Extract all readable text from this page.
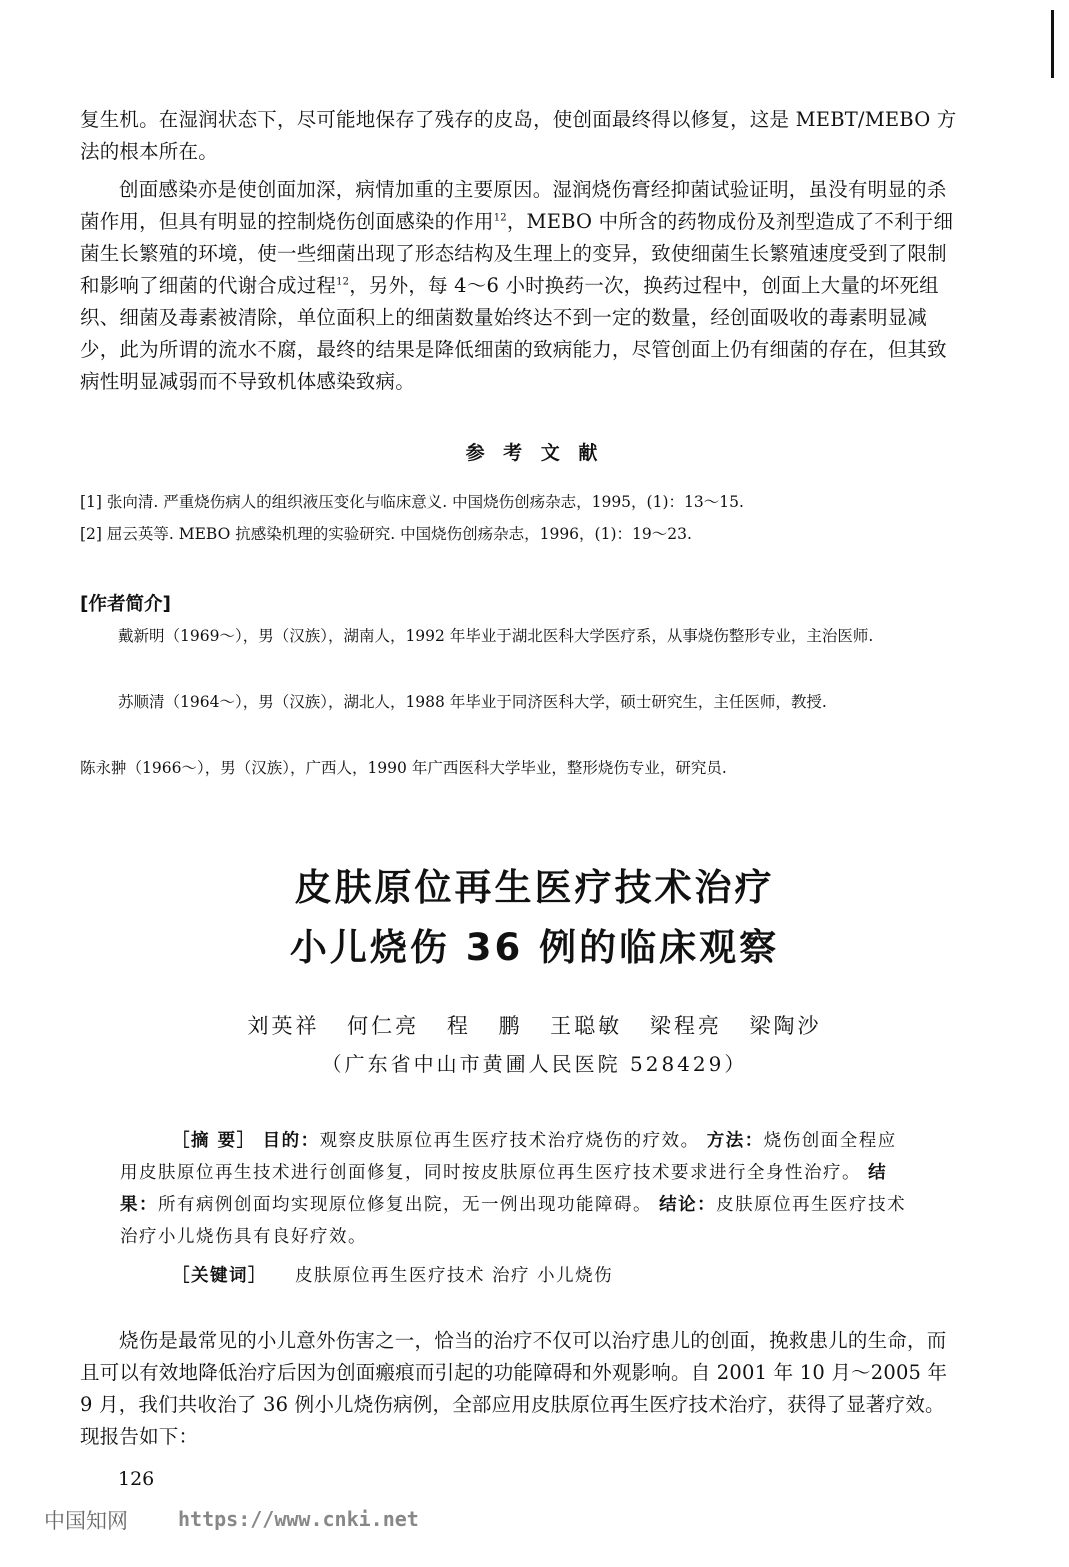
复生机。在湿润状态下，尽可能地保存了残存的皮岛，使创面最终得以修复，这是 MEBT/MEBO 方法的根本所在。

创面感染亦是使创面加深，病情加重的主要原因。湿润烧伤膏经抑菌试验证明，虽没有明显的杀菌作用，但具有明显的控制烧伤创面感染的作用$^{12}$，MEBO 中所含的药物成份及剂型造成了不利于细菌生长繁殖的环境，使一些细菌出现了形态结构及生理上的变异，致使细菌生长繁殖速度受到了限制和影响了细菌的代谢合成过程$^{12}$，另外，每 4～6 小时换药一次，换药过程中，创面上大量的坏死组织、细菌及毒素被清除，单位面积上的细菌数量始终达不到一定的数量，经创面吸收的毒素明显减少，此为所谓的流水不腐，最终的结果是降低细菌的致病能力，尽管创面上仍有细菌的存在，但其致病性明显减弱而不导致机体感染致病。

参 考 文 献
[1] 张向清. 严重烧伤病人的组织液压变化与临床意义. 中国烧伤创疡杂志，1995，(1)：13～15.
[2] 屈云英等. MEBO 抗感染机理的实验研究. 中国烧伤创疡杂志，1996，(1)：19～23.
[作者简介]

戴新明（1969～），男（汉族），湖南人，1992 年毕业于湖北医科大学医疗系，从事烧伤整形专业，主治医师.

苏顺清（1964～），男（汉族），湖北人，1988 年毕业于同济医科大学，硕士研究生，主任医师，教授.

陈永翀（1966～），男（汉族），广西人，1990 年广西医科大学毕业，整形烧伤专业，研究员.

皮肤原位再生医疗技术治疗
小儿烧伤 36 例的临床观察
刘英祥 何仁亮 程 鹏 王聪敏 梁程亮 梁陶沙
（广东省中山市黄圃人民医院 528429）

［摘 要］ 目的：观察皮肤原位再生医疗技术治疗烧伤的疗效。 方法：烧伤创面全程应用皮肤原位再生技术进行创面修复，同时按皮肤原位再生医疗技术要求进行全身性治疗。 结果：所有病例创面均实现原位修复出院，无一例出现功能障碍。 结论：皮肤原位再生医疗技术治疗小儿烧伤具有良好疗效。

［关键词］ 皮肤原位再生医疗技术 治疗 小儿烧伤

烧伤是最常见的小儿意外伤害之一，恰当的治疗不仅可以治疗患儿的创面，挽救患儿的生命，而且可以有效地降低治疗后因为创面瘢痕而引起的功能障碍和外观影响。自 2001 年 10 月～2005 年 9 月，我们共收治了 36 例小儿烧伤病例，全部应用皮肤原位再生医疗技术治疗，获得了显著疗效。现报告如下：

126
中国知网	https://www.cnki.net
